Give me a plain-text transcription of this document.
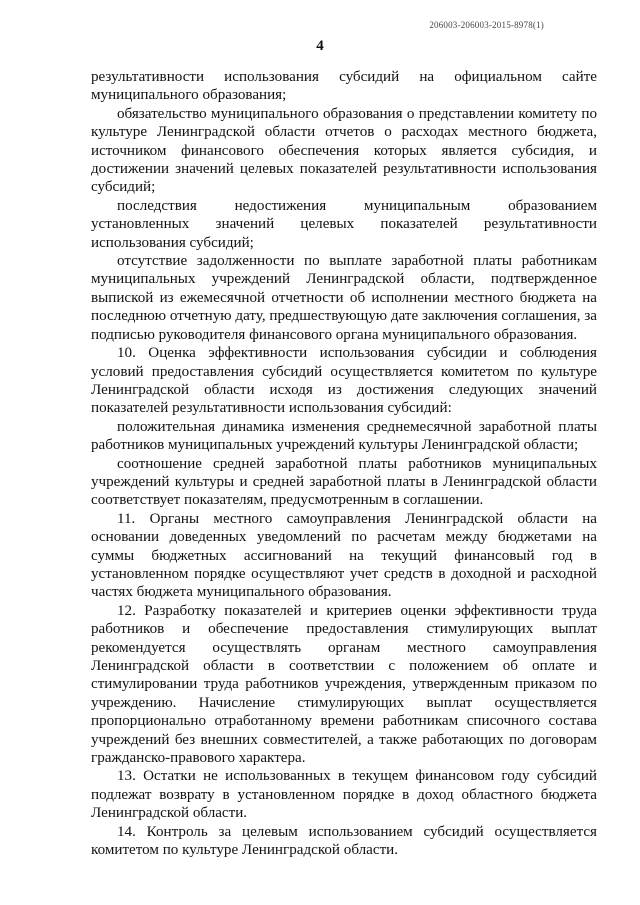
206003-206003-2015-8978(1)
4

результативности использования субсидий на официальном сайте муниципального образования;

обязательство муниципального образования о представлении комитету по культуре Ленинградской области отчетов о расходах местного бюджета, источником финансового обеспечения которых является субсидия, и достижении значений целевых показателей результативности использования субсидий;

последствия недостижения муниципальным образованием установленных значений целевых показателей результативности использования субсидий;

отсутствие задолженности по выплате заработной платы работникам муниципальных учреждений Ленинградской области, подтвержденное выпиской из ежемесячной отчетности об исполнении местного бюджета на последнюю отчетную дату, предшествующую дате заключения соглашения, за подписью руководителя финансового органа муниципального образования.

10. Оценка эффективности использования субсидии и соблюдения условий предоставления субсидий осуществляется комитетом по культуре Ленинградской области исходя из достижения следующих значений показателей результативности использования субсидий:

положительная динамика изменения среднемесячной заработной платы работников муниципальных учреждений культуры Ленинградской области;

соотношение средней заработной платы работников муниципальных учреждений культуры и средней заработной платы в Ленинградской области соответствует показателям, предусмотренным в соглашении.

11. Органы местного самоуправления Ленинградской области на основании доведенных уведомлений по расчетам между бюджетами на суммы бюджетных ассигнований на текущий финансовый год в установленном порядке осуществляют учет средств в доходной и расходной частях бюджета муниципального образования.

12. Разработку показателей и критериев оценки эффективности труда работников и обеспечение предоставления стимулирующих выплат рекомендуется осуществлять органам местного самоуправления Ленинградской области в соответствии с положением об оплате и стимулировании труда работников учреждения, утвержденным приказом по учреждению. Начисление стимулирующих выплат осуществляется пропорционально отработанному времени работникам списочного состава учреждений без внешних совместителей, а также работающих по договорам гражданско-правового характера.

13. Остатки не использованных в текущем финансовом году субсидий подлежат возврату в установленном порядке в доход областного бюджета Ленинградской области.

14. Контроль за целевым использованием субсидий осуществляется комитетом по культуре Ленинградской области.
